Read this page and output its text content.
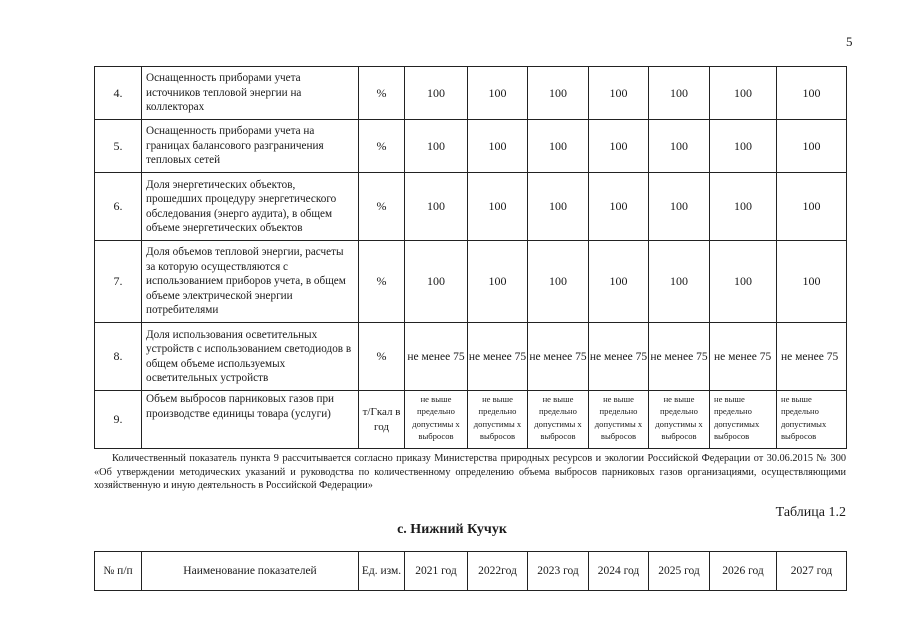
5
4.	Оснащенность приборами учета источников тепловой энергии на коллекторах	%	100	100	100	100	100	100	100
5.	Оснащенность приборами учета на границах балансового разграничения тепловых сетей	%	100	100	100	100	100	100	100
6.	Доля энергетических объектов, прошедших процедуру энергетического обследования (энерго аудита), в общем объеме энергетических объектов	%	100	100	100	100	100	100	100
7.	Доля объемов тепловой энергии, расчеты за которую осуществляются с использованием приборов учета, в общем объеме электрической энергии потребителями	%	100	100	100	100	100	100	100
8.	Доля использования осветительных устройств с использованием светодиодов в общем объеме используемых осветительных устройств	%	не менее 75	не менее 75	не менее 75	не менее 75	не менее 75	не менее 75	не менее 75
9.	Объем выбросов парниковых газов при производстве единицы товара (услуги)	т/Гкал в год	не выше предельно допустимы х выбросов	не выше предельно допустимы х выбросов	не выше предельно допустимы х выбросов	не выше предельно допустимы х выбросов	не выше предельно допустимы х выбросов	не выше предельно допустимых выбросов	не выше предельно допустимых выбросов
Количественный показатель пункта 9 рассчитывается согласно приказу Министерства природных ресурсов и экологии Российской Федерации от 30.06.2015 № 300 «Об утверждении методических указаний и руководства по количественному определению объема выбросов парниковых газов организациями, осуществляющими хозяйственную и иную деятельность в Российской Федерации»
Таблица 1.2
с. Нижний Кучук
№ п/п	Наименование показателей	Ед. изм.	2021 год	2022год	2023 год	2024 год	2025 год	2026 год	2027 год
